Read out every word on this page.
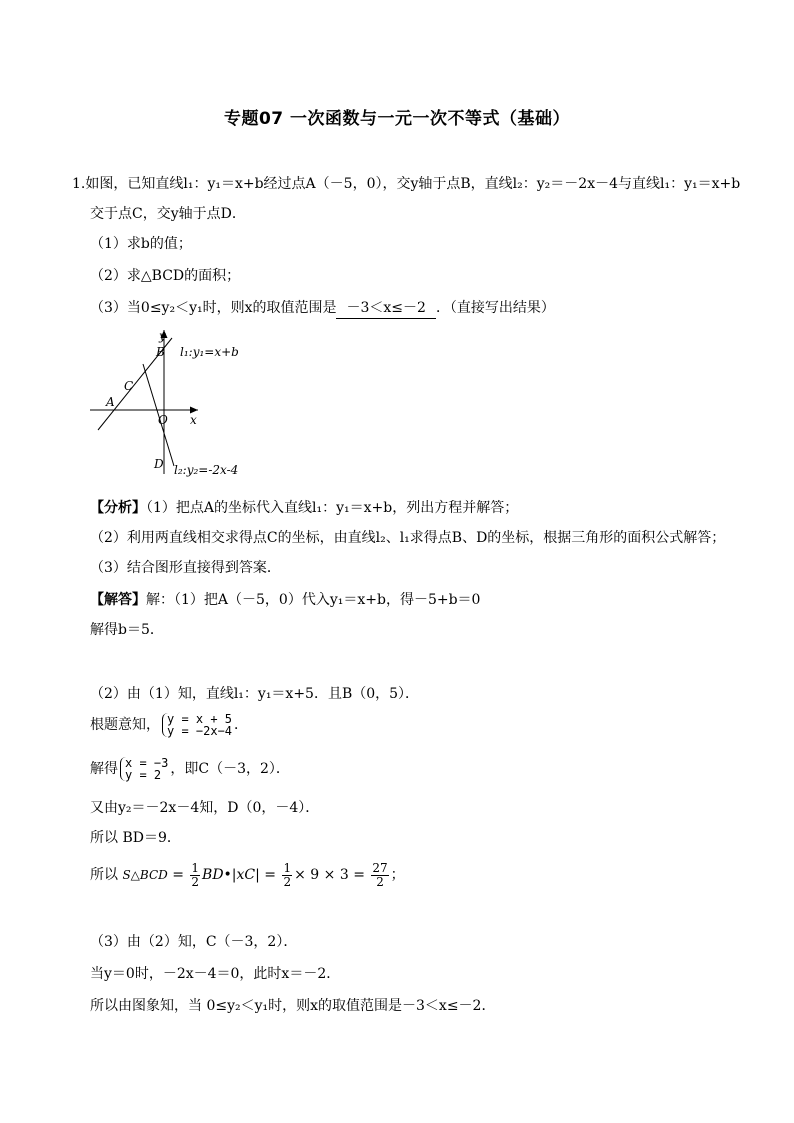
专题07 一次函数与一元一次不等式（基础）
1.如图，已知直线l₁：y₁＝x+b经过点A（－5，0），交y轴于点B，直线l₂：y₂＝－2x－4与直线l₁：y₁＝x+b
交于点C，交y轴于点D．
（1）求b的值；
（2）求△BCD的面积；
（3）当0≤y₂＜y₁时，则x的取值范围是 －3＜x≤－2 ．（直接写出结果）
y
B l₁:y₁=x+b
C
A
O x
D l₂:y₂=-2x-4
【分析】（1）把点A的坐标代入直线l₁：y₁＝x+b，列出方程并解答；
（2）利用两直线相交求得点C的坐标，由直线l₂、l₁求得点B、D的坐标，根据三角形的面积公式解答；
（3）结合图形直接得到答案．
【解答】解：（1）把A（－5，0）代入y₁＝x+b，得－5+b＝0
解得b＝5．
（2）由（1）知，直线l₁：y₁＝x+5．且B（0，5）．
根题意知， y = x + 5
y = −2x−4 ．
解得 x = −3
y = 2 ，即C（－3，2）．
又由y₂＝－2x－4知，D（0，－4）．
所以 BD＝9．
所以 S△BCD = $\frac{1}{2}$ BD•|xC| = $\frac{1}{2} \times 9 \times 3 = \frac{27}{2}$ ；
（3）由（2）知，C（－3，2）．
当y＝0时，－2x－4＝0，此时x＝－2．
所以由图象知，当 0≤y₂＜y₁时，则x的取值范围是－3＜x≤－2．
